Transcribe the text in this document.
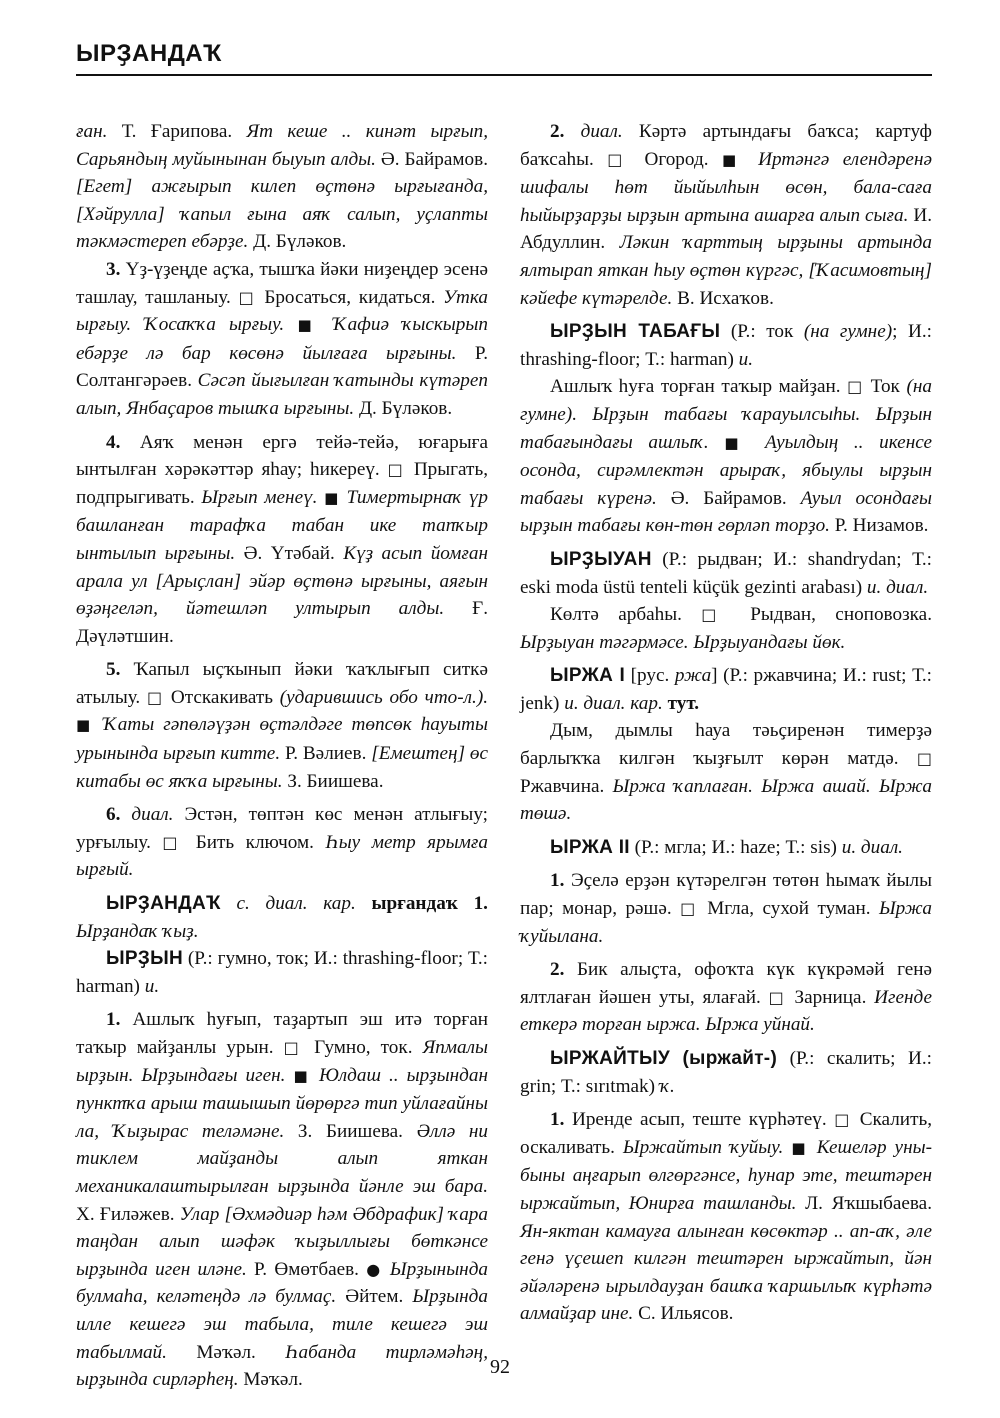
ЫРҘАНДАҠ

ған. Т. Ғарипова. Ят кеше .. кинәт ырғып, Сарьяндың муйынынан быуып алды. Ә. Байрамов. [Егет] ажғырып килеп өҫтөнә ырғығанда, [Хәйрулла] ҡапыл ғына аяҡ салып, уҫлапты тәкмәстереп ебәрҙе. Д. Бүләков.

3. Үҙ-үҙеңде аҫҡа, тышҡа йәки ниҙеңдер эсенә ташлау, ташланыу. □ Бросаться, кидаться. Утка ырғыу. Ҡосаҡҡа ырғыу. ■ Ҡафиә ҡыскырып ебәрҙе лә бар көсөнә йылғаға ырғыны. Р. Солтангәрәев. Сәсәп йығылған ҡатынды күтәреп алып, Янбаҫаров тышҡа ырғыны. Д. Бүләков.

4. Аяҡ менән ергә тейә-тейә, юғарыға ынтылған хәрәкәттәр яһау; һикереү. □ Прыгать, подпрыгивать. Ырғып менеү. ■ Тимертырнаҡ үр башланған тарафҡа табан ике тапҡыр ынтылып ырғыны. Ә. Үтәбай. Күҙ асып йомған арала ул [Арыҫлан] эйәр өҫтөнә ырғыны, аяғын өҙәңгеләп, йәтешләп ултырып алды. Ғ. Дәүләтшин.

5. Ҡапыл ыҫҡынып йәки ҡаҡлығып ситкә атылыу. □ Отскакивать (ударившись обо что-л.). ■ Ҡаты гәпөләүҙән өҫтәлдәге төпсөк һауыты урынында ырғып китте. Р. Вәлиев. [Емештең] өс китабы өс яҡҡа ырғыны. З. Биишева.

6. диал. Эстән, төптән көс менән атлығыу; урғылыу. □ Бить ключом. Һыу метр ярымға ырғый.

ЫРҘАНДАҠ с. диал. кар. ырғандаҡ 1. Ырҙандаҡ ҡыҙ.

ЫРҘЫН (Р.: гумно, ток; И.: thrashing-floor; Т.: harman) и.

1. Ашлыҡ һуғып, таҙартып эш итә торған таҡыр майҙанлы урын. □ Гумно, ток. Япмалы ырҙын. Ырҙындағы иген. ■ Юлдаш .. ырҙындан пунктҡа арыш ташышып йөрөргә тип уйлағайны ла, Ҡыҙырас теләмәне. З. Биишева. Әллә ни тиклем майҙанды алып яткан механикалаштырылған ырҙында йәнле эш бара. Х. Ғиләжев. Улар [Әхмәдиәр һәм Әбдрафик] ҡара таңдан алып шәфәк ҡыҙыллығы бөткәнсе ырҙында иген иләне. Р. Өмөтбаев. ● Ырҙынында булмаһа, келәтеңдә лә булмаҫ. Әйтем. Ырҙында илле кешегә эш табыла, тиле кешегә эш табылмай. Мәҡәл. Һабанда тирләмәһәң, ырҙында сирләрһең. Мәҡәл.

2. диал. Кәртә артындағы баҡса; картуф баҡсаһы. □ Огород. ■ Иртәнгә елендәренә шифалы һөт йыйылһын өсөн, бала-саға һыйырҙарҙы ырҙын артына ашарға алып сыға. И. Абдуллин. Ләкин ҡарттың ырҙыны артында ялтырап яткан һыу өҫтөн күргәс, [Ҡасимовтың] кәйефе күтәрелде. В. Исхаҡов.

ЫРҘЫН ТАБАҒЫ (Р.: ток (на гумне); И.: thrashing-floor; Т.: harman) и.

Ашлыҡ һуға торған таҡыр майҙан. □ Ток (на гумне). Ырҙын табағы ҡарауылсыһы. Ырҙын табағындағы ашлыҡ. ■ Ауылдың .. икенсе осонда, сирәмлектән арыраҡ, ябыулы ырҙын табағы күренә. Ә. Байрамов. Ауыл осондағы ырҙын табағы көн-төн гөрләп торҙо. Р. Низамов.

ЫРҘЫУАН (Р.: рыдван; И.: shandrydan; Т.: eski moda üstü tenteli küçük gezinti arabası) и. диал.

Көлтә арбаһы. □ Рыдван, сноповозка. Ырҙыуан тәгәрмәсе. Ырҙыуандағы йөк.

ЫРЖА I [рус. ржа] (Р.: ржавчина; И.: rust; Т.: jenk) и. диал. кар. тут.

Дым, дымлы һауа тәьҫиренән тимерҙә барлыҡҡа килгән ҡыҙғылт көрән матдә. □ Ржавчина. Ыржа ҡаплаған. Ыржа ашай. Ыржа төшә.

ЫРЖА II (Р.: мгла; И.: haze; Т.: sis) и. диал.

1. Эҫелә ерҙән күтәрелгән төтөн һымаҡ йылы пар; монар, рәшә. □ Мгла, сухой туман. Ыржа ҡуйылана.

2. Бик алыҫта, офоҡта күк күкрәмәй генә ялтлаған йәшен уты, ялағай. □ Зарница. Игенде еткерә торған ыржа. Ыржа уйнай.

ЫРЖАЙТЫУ (ыржайт-) (Р.: скалить; И.: grin; Т.: sırıtmak) ҡ.

1. Иренде асып, теште күрһәтеү. □ Скалить, оскаливать. Ыржайтып ҡуйыу. ■ Кешеләр уны-быны аңғарып өлгөргәнсе, һунар эте, тештәрен ыржайтып, Юнирға ташланды. Л. Яҡшыбаева. Ян-яктан камауға алынған көсөктәр .. ап-аҡ, әле генә үҫешеп килгән тештәрен ыржайтып, йән әйәләренә ырылдауҙан башҡа ҡаршылыҡ күрһәтә алмайҙар ине. С. Ильясов.

92
